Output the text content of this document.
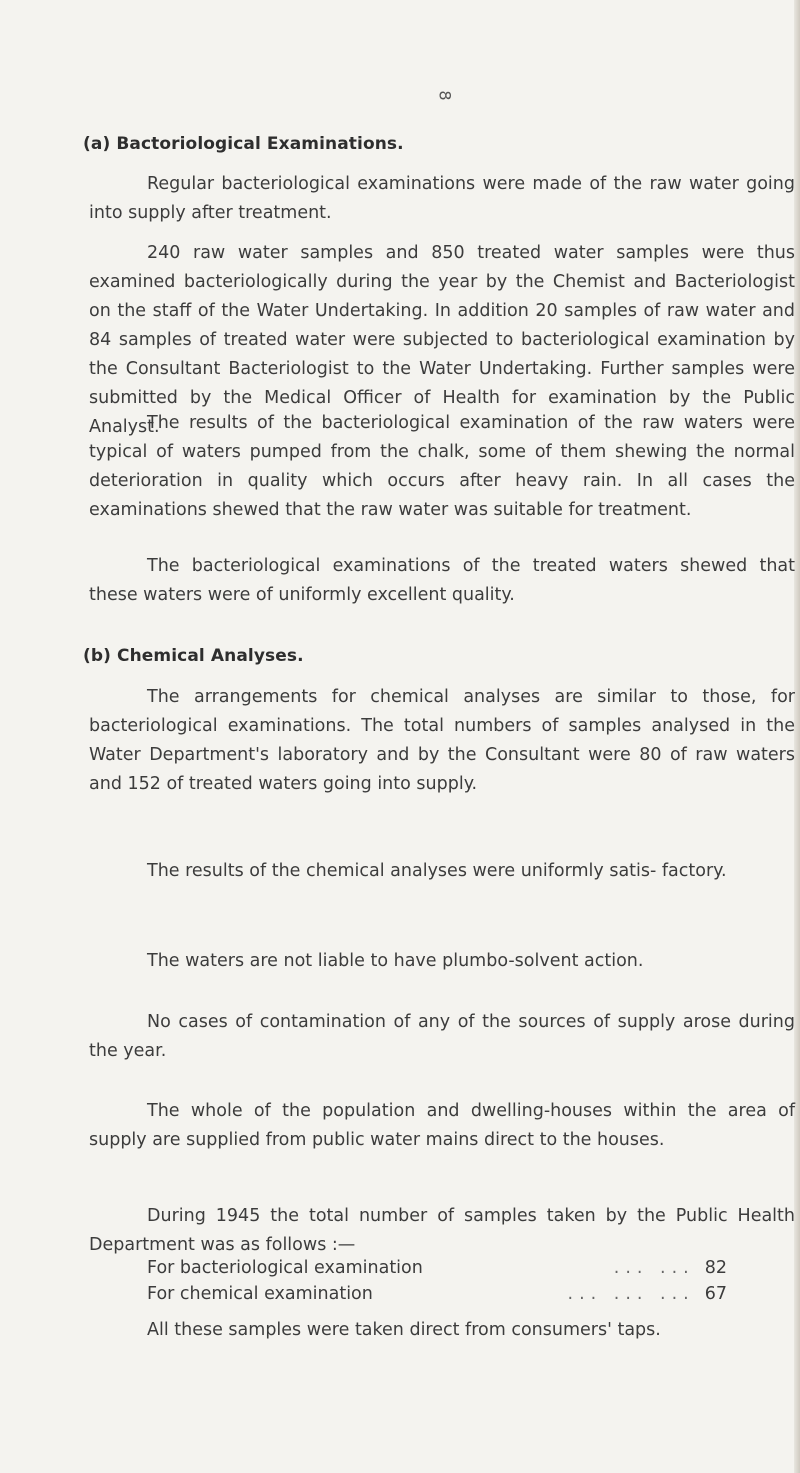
8
(a) Bactoriological Examinations.
Regular bacteriological examinations were made of the raw water going into supply after treatment.
240 raw water samples and 850 treated water samples were thus examined bacteriologically during the year by the Chemist and Bacteriologist on the staff of the Water Undertaking. In addition 20 samples of raw water and 84 samples of treated water were subjected to bacteriological examination by the Consultant Bacteriologist to the Water Undertaking. Further samples were submitted by the Medical Officer of Health for examination by the Public Analyst.
The results of the bacteriological examination of the raw waters were typical of waters pumped from the chalk, some of them shewing the normal deterioration in quality which occurs after heavy rain. In all cases the examinations shewed that the raw water was suitable for treatment.
The bacteriological examinations of the treated waters shewed that these waters were of uniformly excellent quality.
(b) Chemical Analyses.
The arrangements for chemical analyses are similar to those, for bacteriological examinations. The total numbers of samples analysed in the Water Department's laboratory and by the Consultant were 80 of raw waters and 152 of treated waters going into supply.
The results of the chemical analyses were uniformly satis- factory.
The waters are not liable to have plumbo-solvent action.
No cases of contamination of any of the sources of supply arose during the year.
The whole of the population and dwelling-houses within the area of supply are supplied from public water mains direct to the houses.
During 1945 the total number of samples taken by the Public Health Department was as follows :—
For bacteriological examination	... ... 82
For chemical examination	... ... ... 67
All these samples were taken direct from consumers' taps.
